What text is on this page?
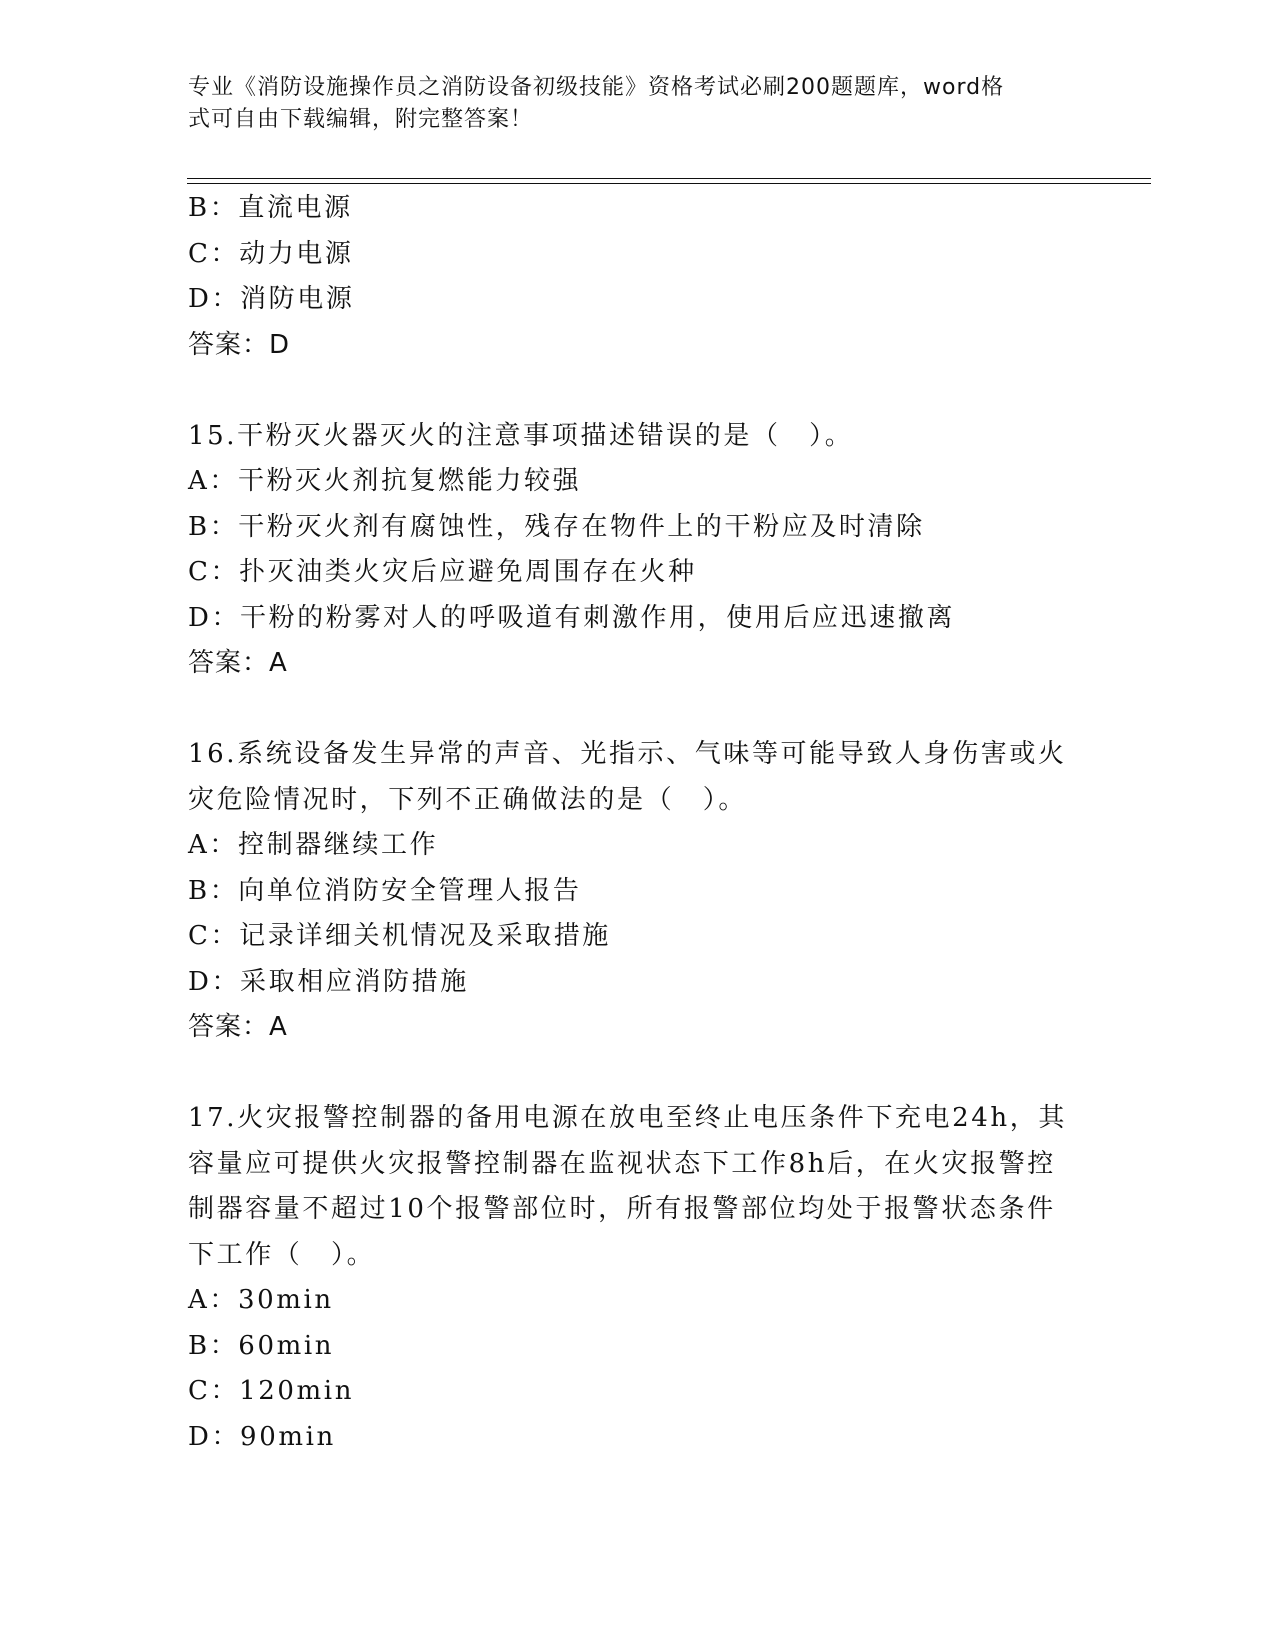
专业《消防设施操作员之消防设备初级技能》资格考试必刷200题题库，word格
式可自由下载编辑，附完整答案！
B：直流电源
C：动力电源
D：消防电源
答案：D
15.干粉灭火器灭火的注意事项描述错误的是（　）。
A：干粉灭火剂抗复燃能力较强
B：干粉灭火剂有腐蚀性，残存在物件上的干粉应及时清除
C：扑灭油类火灾后应避免周围存在火种
D：干粉的粉雾对人的呼吸道有刺激作用，使用后应迅速撤离
答案：A
16.系统设备发生异常的声音、光指示、气味等可能导致人身伤害或火
灾危险情况时，下列不正确做法的是（　）。
A：控制器继续工作
B：向单位消防安全管理人报告
C：记录详细关机情况及采取措施
D：采取相应消防措施
答案：A
17.火灾报警控制器的备用电源在放电至终止电压条件下充电24h，其
容量应可提供火灾报警控制器在监视状态下工作8h后，在火灾报警控
制器容量不超过10个报警部位时，所有报警部位均处于报警状态条件
下工作（　）。
A：30min
B：60min
C：120min
D：90min
